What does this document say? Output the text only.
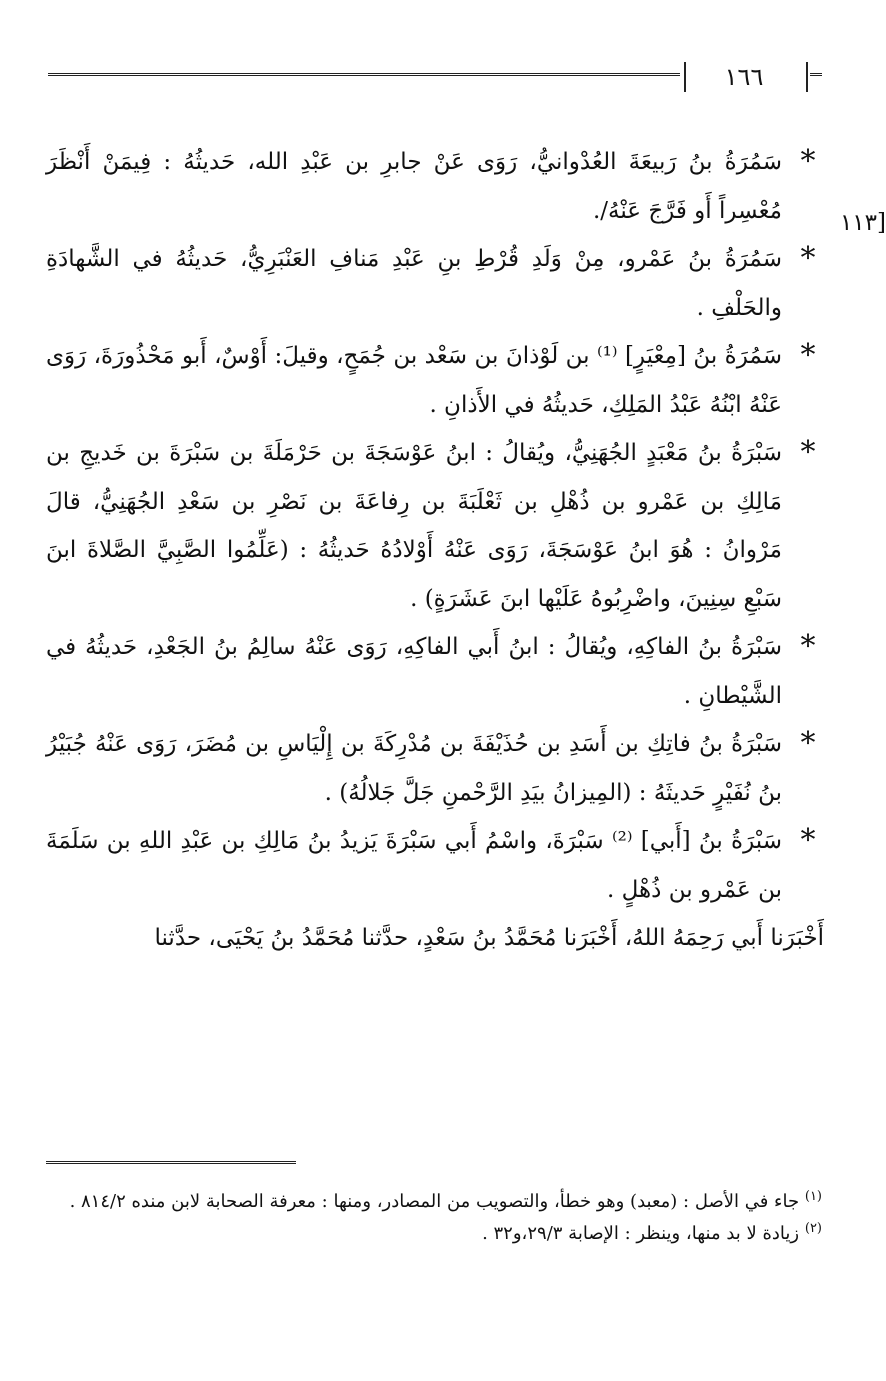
١٦٦
[١١٣

*
سَمُرَةُ بنُ رَبيعَةَ العُدْوانيُّ، رَوَى عَنْ جابرِ بن عَبْدِ الله، حَديثُهُ : فِيمَنْ أَنْظَرَ مُعْسِراً أَو فَرَّجَ عَنْهُ/.

*
سَمُرَةُ بنُ عَمْرو، مِنْ وَلَدِ قُرْطِ بنِ عَبْدِ مَنافِ العَنْبَرِيُّ، حَديثُهُ في الشَّهادَةِ والحَلْفِ .

*
سَمُرَةُ بنُ [مِعْيَرٍ] ⁽¹⁾ بن لَوْذانَ بن سَعْد بن جُمَحٍ، وقيلَ: أَوْسٌ، أَبو مَحْذُورَةَ، رَوَى عَنْهُ ابْنُهُ عَبْدُ المَلِكِ، حَديثُهُ في الأَذانِ .

*
سَبْرَةُ بنُ مَعْبَدٍ الجُهَنِيُّ، ويُقالُ : ابنُ عَوْسَجَةَ بن حَرْمَلَةَ بن سَبْرَةَ بن خَديجِ بن مَالِكِ بن عَمْرو بن ذُهْلِ بن ثَعْلَبَةَ بن رِفاعَةَ بن نَصْرِ بن سَعْدِ الجُهَنِيُّ، قالَ مَرْوانُ : هُوَ ابنُ عَوْسَجَةَ، رَوَى عَنْهُ أَوْلادُهُ حَديثُهُ : (عَلِّمُوا الصَّبِيَّ الصَّلاةَ ابنَ سَبْعِ سِنِينَ، واضْرِبُوهُ عَلَيْها ابنَ عَشَرَةٍ) .

*
سَبْرَةُ بنُ الفاكِهِ، ويُقالُ : ابنُ أَبي الفاكِهِ، رَوَى عَنْهُ سالِمُ بنُ الجَعْدِ، حَديثُهُ في الشَّيْطانِ .

*
سَبْرَةُ بنُ فاتِكِ بن أَسَدِ بن حُذَيْفَةَ بن مُدْرِكَةَ بن إِلْيَاسِ بن مُضَرَ، رَوَى عَنْهُ جُبَيْرُ بنُ نُفَيْرٍ حَديثَهُ : (المِيزانُ بيَدِ الرَّحْمنِ جَلَّ جَلالُهُ) .

*
سَبْرَةُ بنُ [أَبي] ⁽²⁾ سَبْرَةَ، واسْمُ أَبي سَبْرَةَ يَزيدُ بنُ مَالِكِ بن عَبْدِ اللهِ بن سَلَمَةَ بن عَمْرو بن ذُهْلٍ .

أَخْبَرَنا أَبي رَحِمَهُ اللهُ، أَخْبَرَنا مُحَمَّدُ بنُ سَعْدٍ، حدَّثنا مُحَمَّدُ بنُ يَحْيَى، حدَّثنا

$^{(١)}$ جاء في الأصل : (معبد) وهو خطأ، والتصويب من المصادر، ومنها : معرفة الصحابة لابن منده ٨١٤/٢ .

$^{(٢)}$ زيادة لا بد منها، وينظر : الإصابة ٢٩/٣،و٣٢ .
